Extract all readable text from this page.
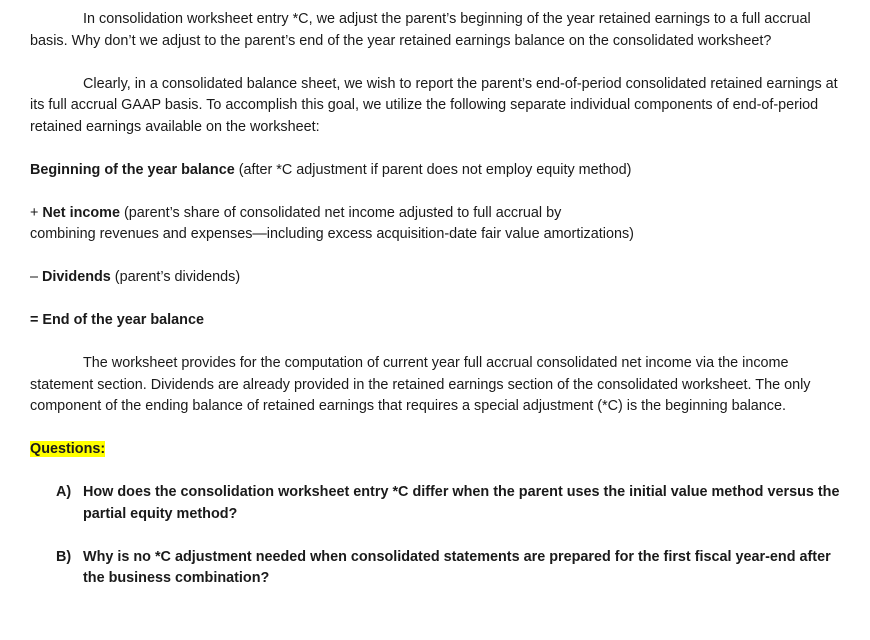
In consolidation worksheet entry *C, we adjust the parent’s beginning of the year retained earnings to a full accrual basis. Why don’t we adjust to the parent’s end of the year retained earnings balance on the consolidated worksheet?

Clearly, in a consolidated balance sheet, we wish to report the parent’s end-of-period consolidated retained earnings at its full accrual GAAP basis. To accomplish this goal, we utilize the following separate individual components of end-of-period retained earnings available on the worksheet:

Beginning of the year balance (after *C adjustment if parent does not employ equity method)

+ Net income (parent’s share of consolidated net income adjusted to full accrual by
combining revenues and expenses—including excess acquisition-date fair value amortizations)

– Dividends (parent’s dividends)

= End of the year balance

The worksheet provides for the computation of current year full accrual consolidated net income via the income statement section. Dividends are already provided in the retained earnings section of the consolidated worksheet. The only component of the ending balance of retained earnings that requires a special adjustment (*C) is the beginning balance.

Questions:

A) How does the consolidation worksheet entry *C differ when the parent uses the initial value method versus the partial equity method?
B) Why is no *C adjustment needed when consolidated statements are prepared for the first fiscal year-end after the business combination?
